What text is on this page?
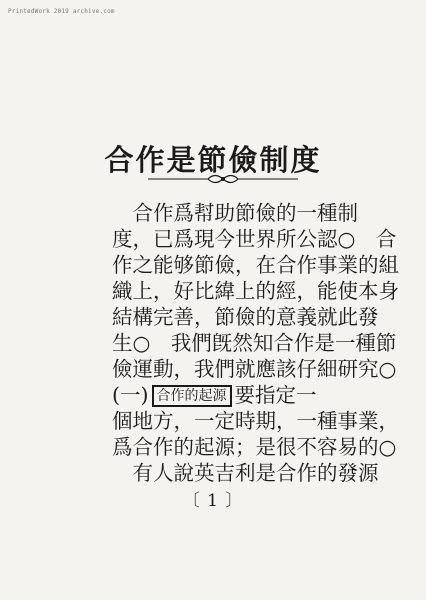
PrintedWork 2019 archive.com
合作是節儉制度
　合作爲幇助節儉的一種制
度，已爲現今世界所公認○　合
作之能够節儉，在合作事業的組
織上，好比緯上的經，能使本身
結構完善，節儉的意義就此發
生○　我們旣然知合作是一種節
儉運動，我們就應該仔細研究○
(一) 合作的起源 要指定一
個地方，一定時期，一種事業，
爲合作的起源；是很不容易的○
　有人說英吉利是合作的發源
〔 1 〕
